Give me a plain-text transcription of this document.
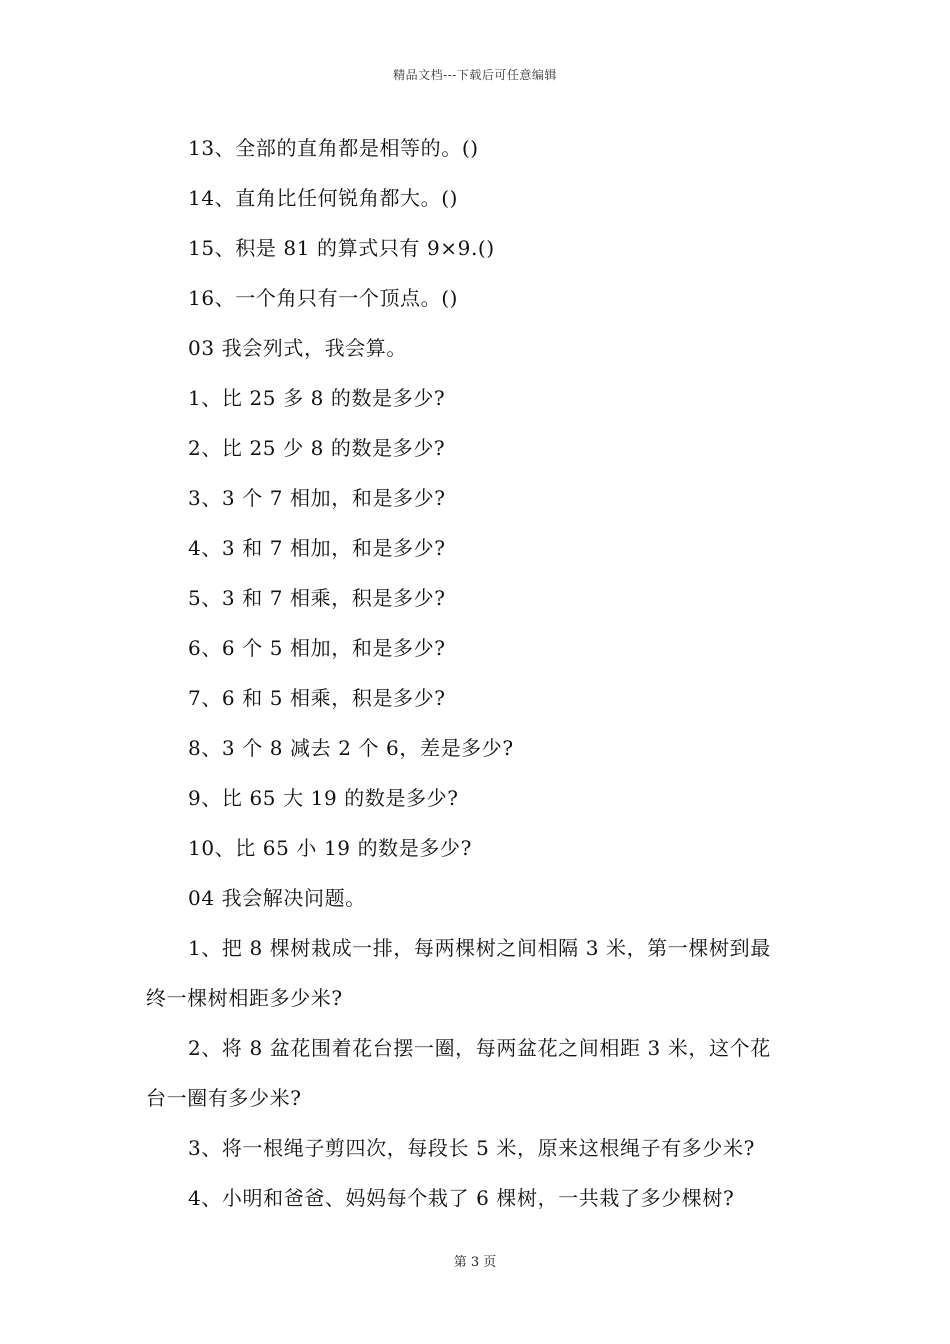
精品文档---下载后可任意编辑
13、全部的直角都是相等的。()
14、直角比任何锐角都大。()
15、积是 81 的算式只有 9×9.()
16、一个角只有一个顶点。()
03 我会列式，我会算。
1、比 25 多 8 的数是多少?
2、比 25 少 8 的数是多少?
3、3 个 7 相加，和是多少?
4、3 和 7 相加，和是多少?
5、3 和 7 相乘，积是多少?
6、6 个 5 相加，和是多少?
7、6 和 5 相乘，积是多少?
8、3 个 8 减去 2 个 6，差是多少?
9、比 65 大 19 的数是多少?
10、比 65 小 19 的数是多少?
04 我会解决问题。
1、把 8 棵树栽成一排，每两棵树之间相隔 3 米，第一棵树到最
终一棵树相距多少米?
2、将 8 盆花围着花台摆一圈，每两盆花之间相距 3 米，这个花
台一圈有多少米?
3、将一根绳子剪四次，每段长 5 米，原来这根绳子有多少米?
4、小明和爸爸、妈妈每个栽了 6 棵树，一共栽了多少棵树?
第 3 页
